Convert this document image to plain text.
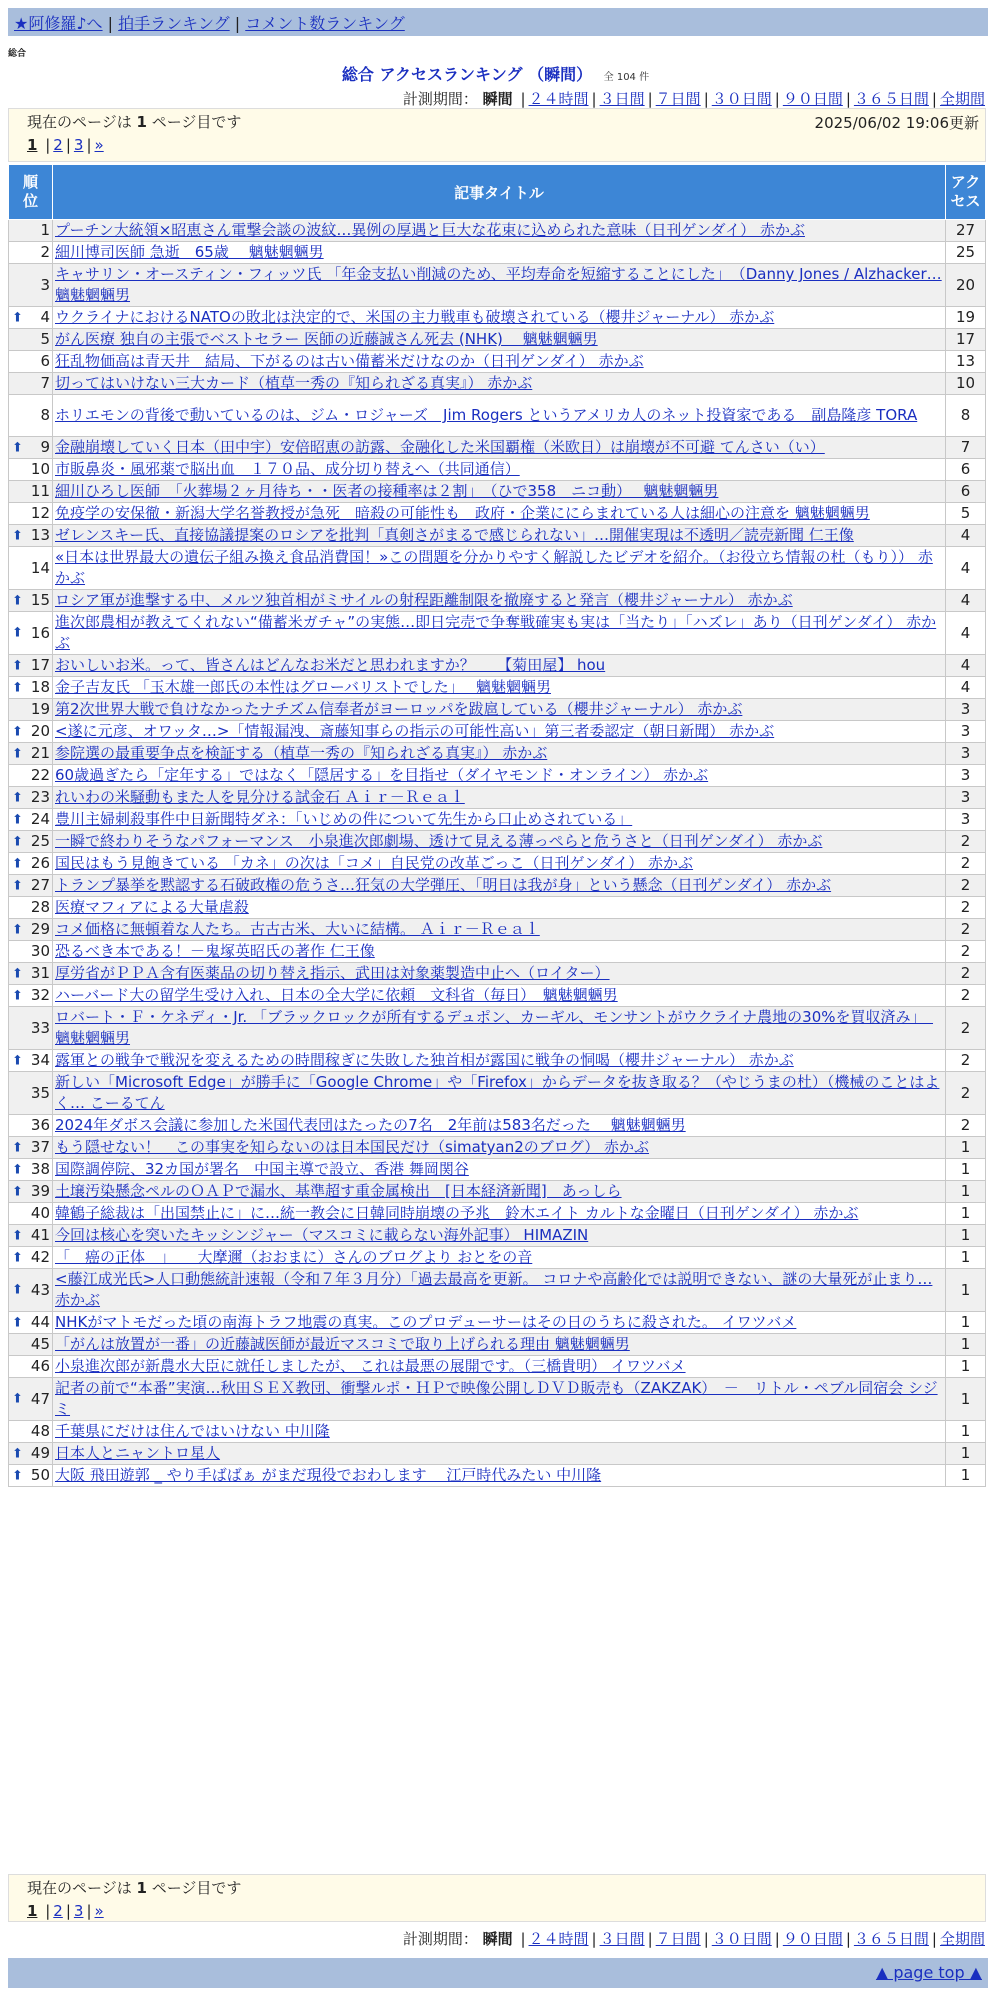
★阿修羅♪へ | 拍手ランキング | コメント数ランキング
総合
総合 アクセスランキング （瞬間） 全 104 件
計測期間： 瞬間 | ２４時間 | ３日間 | ７日間 | ３０日間 | ９０日間 | ３６５日間 | 全期間
現在のページは 1 ページ目です	2025/06/02 19:06更新
1 | 2 | 3 | »
順位	記事タイトル	アクセス
1	プーチン大統領×昭恵さん電撃会談の波紋…異例の厚遇と巨大な花束に込められた意味（日刊ゲンダイ） 赤かぶ	27
2	細川博司医師 急逝　65歳　 魑魅魍魎男	25
3	キャサリン・オースティン・フィッツ氏 「年金支払い削減のため、平均寿命を短縮することにした」　（Danny Jones / Alzhacker… 魑魅魍魎男	20

⬆ 4	ウクライナにおけるNATOの敗北は決定的で、米国の主力戦車も破壊されている（櫻井ジャーナル） 赤かぶ	19
5	がん医療 独自の主張でベストセラー 医師の近藤誠さん死去 (NHK)　 魑魅魍魎男	17
6	狂乱物価高は青天井　結局、下がるのは古い備蓄米だけなのか（日刊ゲンダイ） 赤かぶ	13
7	切ってはいけない三大カード（植草一秀の『知られざる真実』） 赤かぶ	10
8	ホリエモンの背後で動いているのは、ジム・ロジャーズ　Jim Rogers というアメリカ人のネット投資家である　副島隆彦 TORA	8

⬆ 9	金融崩壊していく日本（田中宇）安倍昭恵の訪露、金融化した米国覇権（米欧日）は崩壊が不可避 てんさい（い）	7
10	市販鼻炎・風邪薬で脳出血　１７０品、成分切り替えへ（共同通信）	6
11	細川ひろし医師　「火葬場２ヶ月待ち・・医者の接種率は２割」　（ひで358　ニコ動）　 魑魅魍魎男	6
12	免疫学の安保徹・新潟大学名誉教授が急死　暗殺の可能性も　政府・企業ににらまれている人は細心の注意を 魑魅魍魎男	5

⬆ 13	ゼレンスキー氏、直接協議提案のロシアを批判「真剣さがまるで感じられない」…開催実現は不透明／読売新聞 仁王像	4
14	«日本は世界最大の遺伝子組み換え食品消費国！»この問題を分かりやすく解説したビデオを紹介。（お役立ち情報の杜（もり）） 赤かぶ	4

⬆ 15	ロシア軍が進撃する中、メルツ独首相がミサイルの射程距離制限を撤廃すると発言（櫻井ジャーナル） 赤かぶ	4

⬆ 16	進次郎農相が教えてくれない“備蓄米ガチャ”の実態…即日完売で争奪戦確実も実は「当たり」「ハズレ」あり（日刊ゲンダイ） 赤かぶ	4

⬆ 17	おいしいお米。って、皆さんはどんなお米だと思われますか？　　【菊田屋】 hou	4

⬆ 18	金子吉友氏 「玉木雄一郎氏の本性はグローバリストでした」　 魑魅魍魎男	4
19	第2次世界大戦で負けなかったナチズム信奉者がヨーロッパを跋扈している（櫻井ジャーナル） 赤かぶ	3

⬆ 20	<遂に元彦、オワッタ…>「情報漏洩、斎藤知事らの指示の可能性高い」第三者委認定（朝日新聞） 赤かぶ	3

⬆ 21	参院選の最重要争点を検証する（植草一秀の『知られざる真実』） 赤かぶ	3
22	60歳過ぎたら「定年する」ではなく「隠居する」を目指せ（ダイヤモンド・オンライン） 赤かぶ	3

⬆ 23	れいわの米騒動もまた人を見分ける試金石 Ａｉｒ－Ｒｅａｌ	3

⬆ 24	豊川主婦刺殺事件中日新聞特ダネ：「いじめの件について先生から口止めされている」	3

⬆ 25	一瞬で終わりそうなパフォーマンス　小泉進次郎劇場、透けて見える薄っぺらと危うさと（日刊ゲンダイ） 赤かぶ	2

⬆ 26	国民はもう見飽きている 「カネ」の次は「コメ」自民党の改革ごっこ（日刊ゲンダイ） 赤かぶ	2

⬆ 27	トランプ暴挙を黙認する石破政権の危うさ…狂気の大学弾圧、「明日は我が身」という懸念（日刊ゲンダイ） 赤かぶ	2
28	医療マフィアによる大量虐殺	2

⬆ 29	コメ価格に無頓着な人たち。古古古米、大いに結構。 Ａｉｒ－Ｒｅａｌ	2
30	恐るべき本である！－鬼塚英昭氏の著作 仁王像	2

⬆ 31	厚労省がＰＰＡ含有医薬品の切り替え指示、武田は対象薬製造中止へ（ロイター）	2

⬆ 32	ハーバード大の留学生受け入れ、日本の全大学に依頼　文科省（毎日）　魑魅魍魎男	2
33	ロバート・Ｆ・ケネディ・Jr. 「ブラックロックが所有するデュポン、カーギル、モンサントがウクライナ農地の30%を買収済み」　魑魅魍魎男	2

⬆ 34	露軍との戦争で戦況を変えるための時間稼ぎに失敗した独首相が露国に戦争の恫喝（櫻井ジャーナル） 赤かぶ	2
35	新しい「Microsoft Edge」が勝手に「Google Chrome」や「Firefox」からデータを抜き取る？（やじうまの杜）（機械のことはよく… こーるてん	2
36	2024年ダボス会議に参加した米国代表団はたったの7名　2年前は583名だった　 魑魅魍魎男	2

⬆ 37	もう隠せない！　この事実を知らないのは日本国民だけ（simatyan2のブログ） 赤かぶ	1

⬆ 38	国際調停院、32カ国が署名　中国主導で設立、香港 舞岡関谷	1

⬆ 39	土壌汚染懸念ペルのＯＡＰで漏水、基準超す重金属検出　[日本経済新聞]　あっしら	1
40	韓鶴子総裁は「出国禁止に」に…統一教会に日韓同時崩壊の予兆　鈴木エイト カルトな金曜日（日刊ゲンダイ） 赤かぶ	1

⬆ 41	今回は核心を突いたキッシンジャー（マスコミに載らない海外記事） HIMAZIN	1

⬆ 42	「　癌の正体　」　　大摩邇（おおまに）さんのブログより おとをの音	1

⬆ 43	<藤江成光氏>人口動態統計速報（令和７年３月分）「過去最高を更新。 コロナや高齢化では説明できない、謎の大量死が止まり… 赤かぶ	1

⬆ 44	NHKがマトモだった頃の南海トラフ地震の真実。このプロデューサーはその日のうちに殺された。 イワツバメ	1
45	「がんは放置が一番」の近藤誠医師が最近マスコミで取り上げられる理由 魑魅魍魎男	1
46	小泉進次郎が新農水大臣に就任しましたが、 これは最悪の展開です。（三橋貴明） イワツバメ	1

⬆ 47	記者の前で“本番”実演…秋田ＳＥＸ教団、衝撃ルポ・ＨＰで映像公開しＤＶＤ販売も（ZAKZAK）　－　リトル・ペブル同宿会 シジミ	1
48	千葉県にだけは住んではいけない 中川隆	1

⬆ 49	日本人とニャントロ星人	1

⬆ 50	大阪 飛田遊郭 _ やり手ばばぁ がまだ現役でおわします　 江戸時代みたい 中川隆	1
現在のページは 1 ページ目です
1 | 2 | 3 | »
計測期間： 瞬間 | ２４時間 | ３日間 | ７日間 | ３０日間 | ９０日間 | ３６５日間 | 全期間
▲ page top ▲
